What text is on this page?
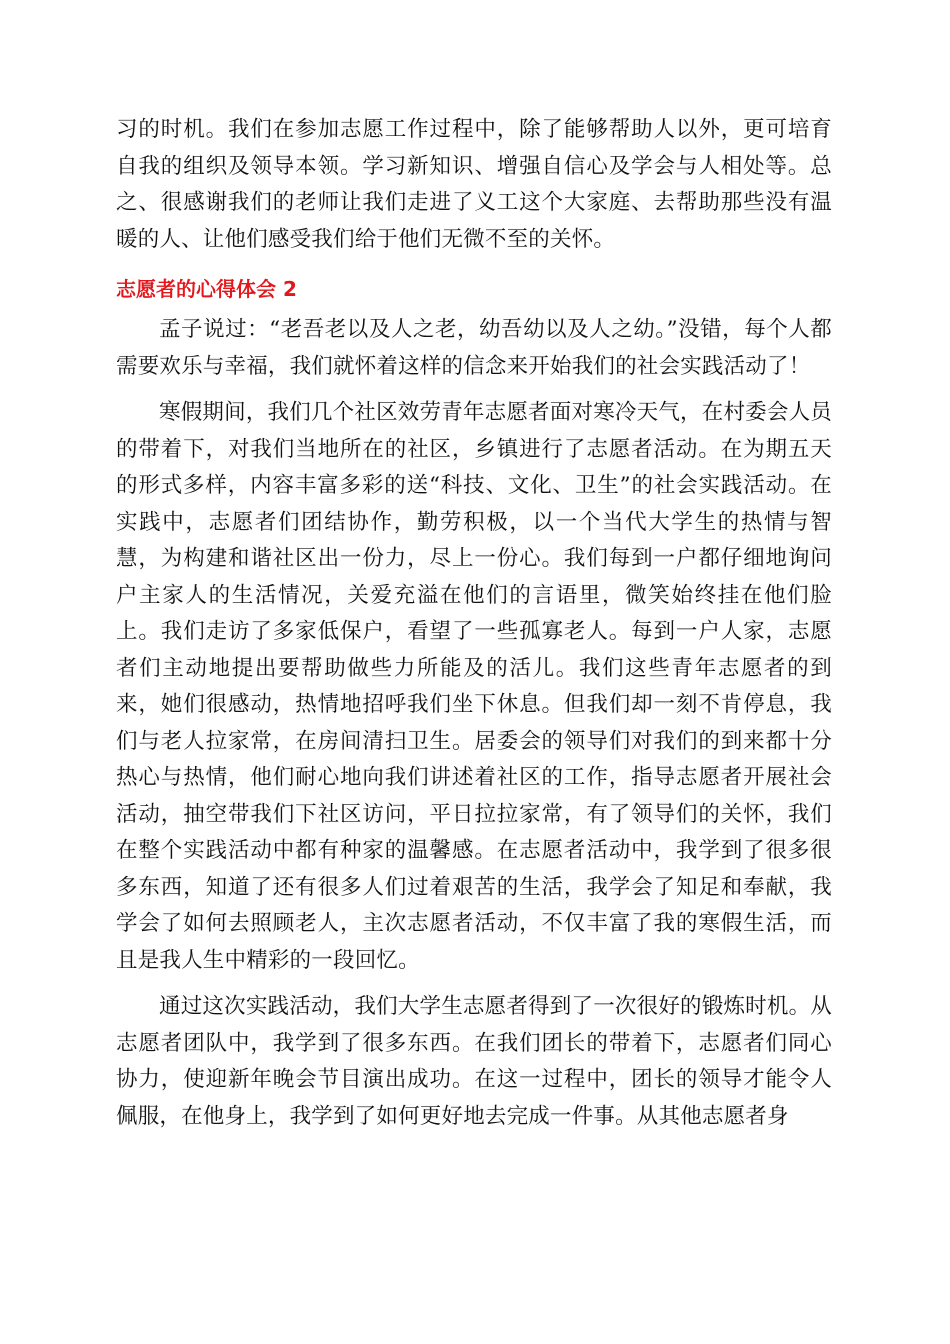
习的时机。我们在参加志愿工作过程中，除了能够帮助人以外，更可培育自我的组织及领导本领。学习新知识、增强自信心及学会与人相处等。总之、很感谢我们的老师让我们走进了义工这个大家庭、去帮助那些没有温暖的人、让他们感受我们给于他们无微不至的关怀。

志愿者的心得体会 2

孟子说过：“老吾老以及人之老，幼吾幼以及人之幼。”没错，每个人都需要欢乐与幸福，我们就怀着这样的信念来开始我们的社会实践活动了！

寒假期间，我们几个社区效劳青年志愿者面对寒冷天气，在村委会人员的带着下，对我们当地所在的社区，乡镇进行了志愿者活动。在为期五天的形式多样，内容丰富多彩的送“科技、文化、卫生”的社会实践活动。在实践中，志愿者们团结协作，勤劳积极，以一个当代大学生的热情与智慧，为构建和谐社区出一份力，尽上一份心。我们每到一户都仔细地询问户主家人的生活情况，关爱充溢在他们的言语里，微笑始终挂在他们脸上。我们走访了多家低保户，看望了一些孤寡老人。每到一户人家，志愿者们主动地提出要帮助做些力所能及的活儿。我们这些青年志愿者的到来，她们很感动，热情地招呼我们坐下休息。但我们却一刻不肯停息，我们与老人拉家常，在房间清扫卫生。居委会的领导们对我们的到来都十分热心与热情，他们耐心地向我们讲述着社区的工作，指导志愿者开展社会活动，抽空带我们下社区访问，平日拉拉家常，有了领导们的关怀，我们在整个实践活动中都有种家的温馨感。在志愿者活动中，我学到了很多很多东西，知道了还有很多人们过着艰苦的生活，我学会了知足和奉献，我学会了如何去照顾老人，主次志愿者活动，不仅丰富了我的寒假生活，而且是我人生中精彩的一段回忆。

通过这次实践活动，我们大学生志愿者得到了一次很好的锻炼时机。从志愿者团队中，我学到了很多东西。在我们团长的带着下，志愿者们同心协力，使迎新年晚会节目演出成功。在这一过程中，团长的领导才能令人佩服，在他身上，我学到了如何更好地去完成一件事。从其他志愿者身
